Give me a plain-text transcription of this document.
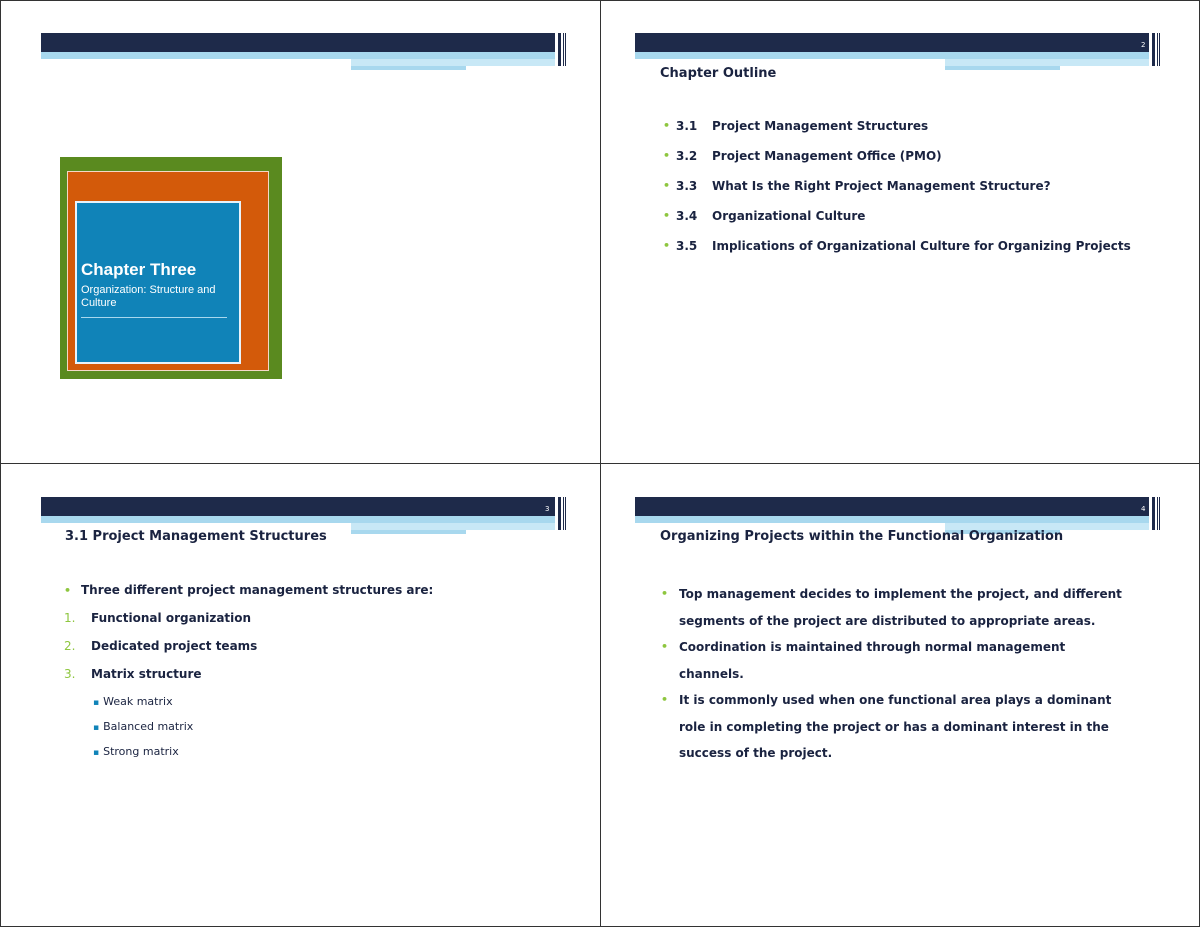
Chapter Three
Organization: Structure and Culture
2
Chapter Outline
• 3.1	Project Management Structures
• 3.2	Project Management Office (PMO)
• 3.3	What Is the Right Project Management Structure?
• 3.4	Organizational Culture
• 3.5	Implications of Organizational Culture for Organizing Projects
3
3.1 Project Management Structures
• Three different project management structures are:
1. Functional organization
2. Dedicated project teams
3. Matrix structure
▪ Weak matrix
▪ Balanced matrix
▪ Strong matrix
4
Organizing Projects within the Functional Organization
• Top management decides to implement the project, and different segments of the project are distributed to appropriate areas.
• Coordination is maintained through normal management channels.
• It is commonly used when one functional area plays a dominant role in completing the project or has a dominant interest in the success of the project.
